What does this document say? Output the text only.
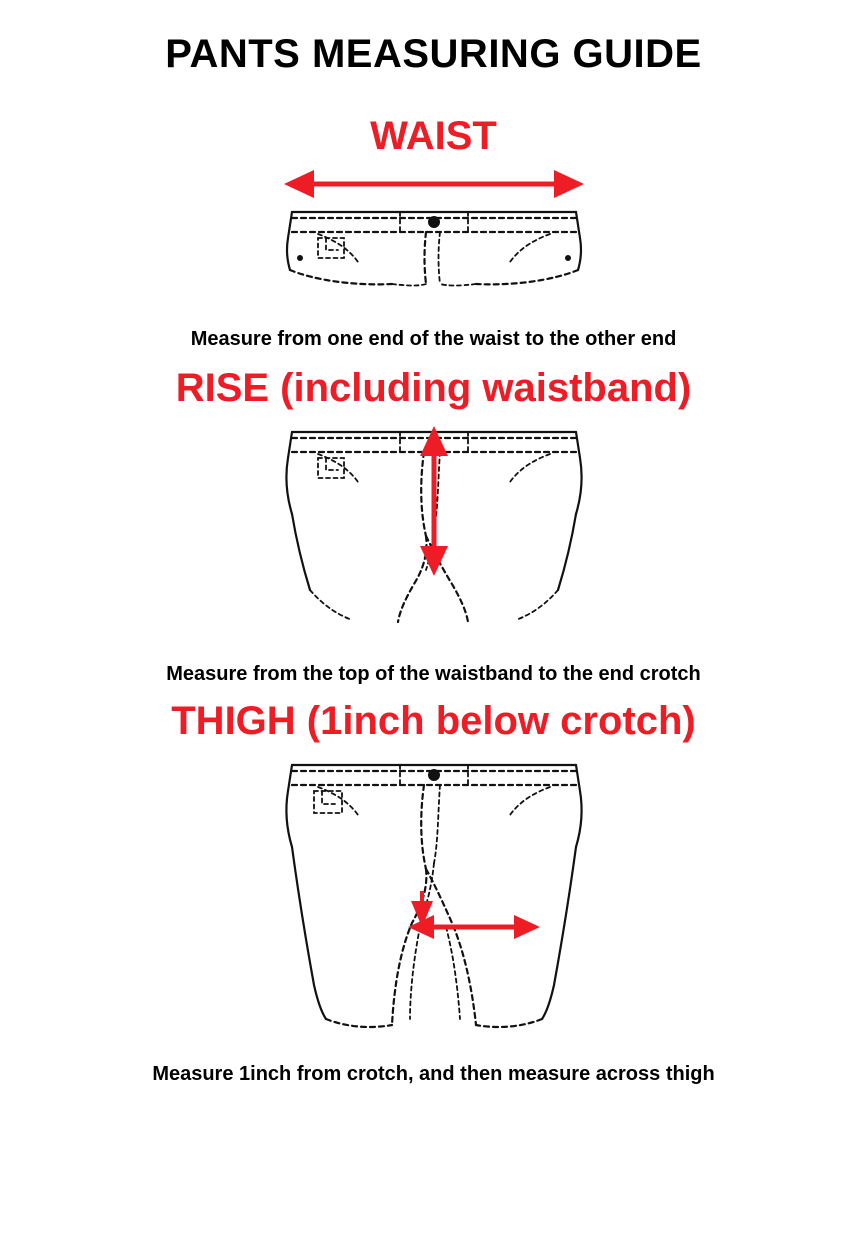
PANTS MEASURING GUIDE
WAIST
Measure from one end of the waist to the other end
RISE (including waistband)
Measure from the top of the waistband to the end crotch
THIGH (1inch below crotch)
Measure 1inch from crotch, and then measure across thigh
